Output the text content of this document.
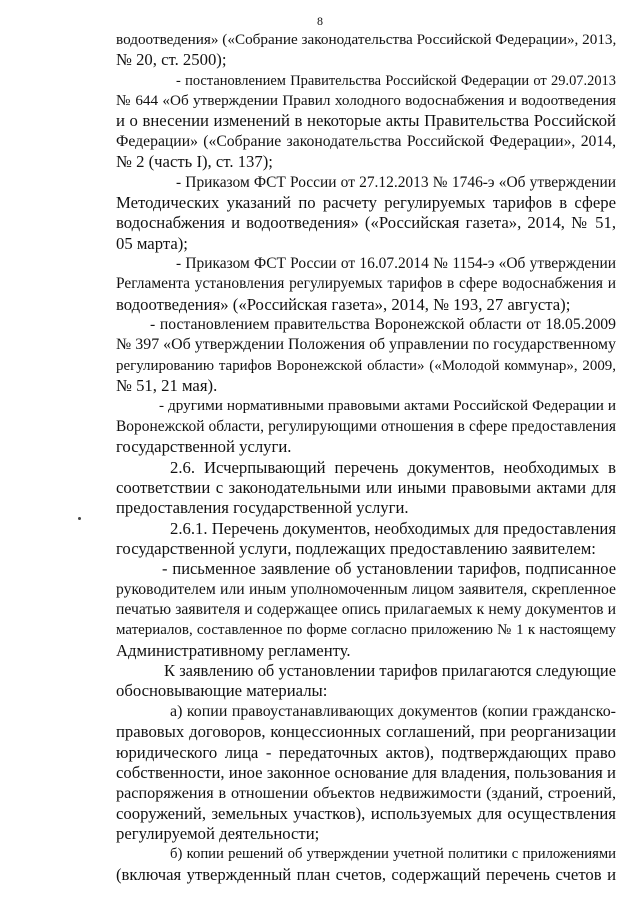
8
водоотведения» («Собрание законодательства Российской Федерации», 2013,
№ 20, ст. 2500);
- постановлением Правительства Российской Федерации от 29.07.2013
№ 644 «Об утверждении Правил холодного водоснабжения и водоотведения
и о внесении изменений в некоторые акты Правительства Российской
Федерации» («Собрание законодательства Российской Федерации», 2014,
№ 2 (часть I), ст. 137);
- Приказом ФСТ России от 27.12.2013 № 1746-э «Об утверждении
Методических указаний по расчету регулируемых тарифов в сфере
водоснабжения и водоотведения» («Российская газета», 2014, № 51,
05 марта);
- Приказом ФСТ России от 16.07.2014 № 1154-э «Об утверждении
Регламента установления регулируемых тарифов в сфере водоснабжения и
водоотведения» («Российская газета», 2014, № 193, 27 августа);
- постановлением правительства Воронежской области от 18.05.2009
№ 397 «Об утверждении Положения об управлении по государственному
регулированию тарифов Воронежской области» («Молодой коммунар», 2009,
№ 51, 21 мая).
- другими нормативными правовыми актами Российской Федерации и
Воронежской области, регулирующими отношения в сфере предоставления
государственной услуги.
2.6. Исчерпывающий перечень документов, необходимых в
соответствии с законодательными или иными правовыми актами для
предоставления государственной услуги.
2.6.1. Перечень документов, необходимых для предоставления
государственной услуги, подлежащих предоставлению заявителем:
- письменное заявление об установлении тарифов, подписанное
руководителем или иным уполномоченным лицом заявителя, скрепленное
печатью заявителя и содержащее опись прилагаемых к нему документов и
материалов, составленное по форме согласно приложению № 1 к настоящему
Административному регламенту.
К заявлению об установлении тарифов прилагаются следующие
обосновывающие материалы:
а) копии правоустанавливающих документов (копии гражданско-
правовых договоров, концессионных соглашений, при реорганизации
юридического лица - передаточных актов), подтверждающих право
собственности, иное законное основание для владения, пользования и
распоряжения в отношении объектов недвижимости (зданий, строений,
сооружений, земельных участков), используемых для осуществления
регулируемой деятельности;
б) копии решений об утверждении учетной политики с приложениями
(включая утвержденный план счетов, содержащий перечень счетов и
